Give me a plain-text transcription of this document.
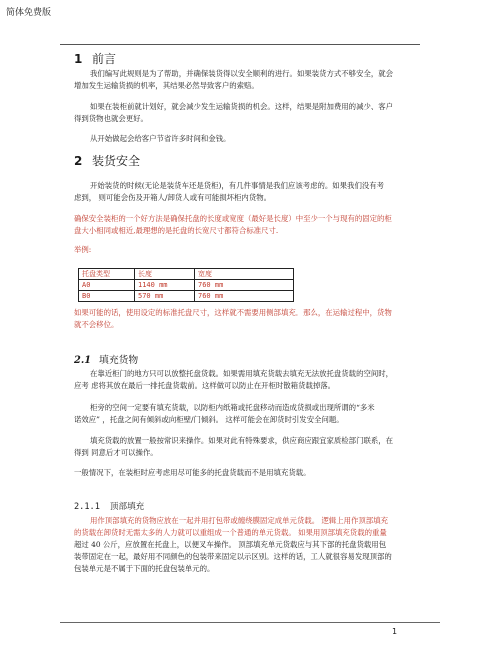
简体免费版
1 前言
我们编写此规则是为了帮助，并确保装货得以安全顺利的进行。如果装货方式不够安全，就会
增加发生运输货损的机率，其结果必然导致客户的索赔。
如果在装柜前就计划好，就会减少发生运输货损的机会。这样，结果是附加费用的减少、客户
得到货物也就会更好。
从开始做起会给客户节省许多时间和金钱。
2 装货安全
开始装货的时候(无论是装货车还是货柜)，有几件事情是我们应该考虑的。如果我们没有考
虑到， 则可能会伤及开箱人/卸货人或有可能损坏柜内货物。
确保安全装柜的一个好方法是确保托盘的长度或宽度（最好是长度）中至少一个与现有的固定的柜
盘大小相同或相近,最理想的是托盘的长宽尺寸都符合标准尺寸.
举例:
托盘类型	长度	宽度
A0	1140 mm	760 mm
B0	570 mm	760 mm
如果可能的话，使用设定的标准托盘尺寸，这样就不需要用侧部填充．那么，在运输过程中，货物
就不会移位。
2.1 填充货物
在靠近柜门的地方只可以放整托盘货载。如果需用填充货载去填充无法放托盘货载的空间时，
应考 虑将其放在最后一排托盘货载前。这样做可以防止在开柜时散箱货载掉落。
柜旁的空间一定要有填充货载，以防柜内纸箱或托盘移动而造成货损或出现所谓的“多米
诺效应” ，托盘之间有倾斜或向柜壁/门倾斜。 这样可能会在卸货时引发安全问题。
填充货载的放置一般按常识来操作。如果对此有特殊要求，供应商应跟宜家质检部门联系，在
得到 同意后才可以操作。
一般情况下，在装柜时应考虑用尽可能多的托盘货载而不是用填充货载。
2.1.1 顶部填充
用作顶部填充的货物应放在一起并用打包带或缠绕膜固定成单元货载。 逻辑上用作顶部填充
的货载在卸货时无需太多的人力就可以重组成一个普通的单元货载。 如果用顶部填充货载的重量
超过 40 公斤，应放置在托盘上，以便叉车操作。 顶部填充单元货载应与其下部的托盘货载用包
装带固定在一起，最好用不同颜色的包装带来固定以示区别。这样的话，工人就很容易发现顶部的
包装单元是不属于下面的托盘包装单元的。
1
